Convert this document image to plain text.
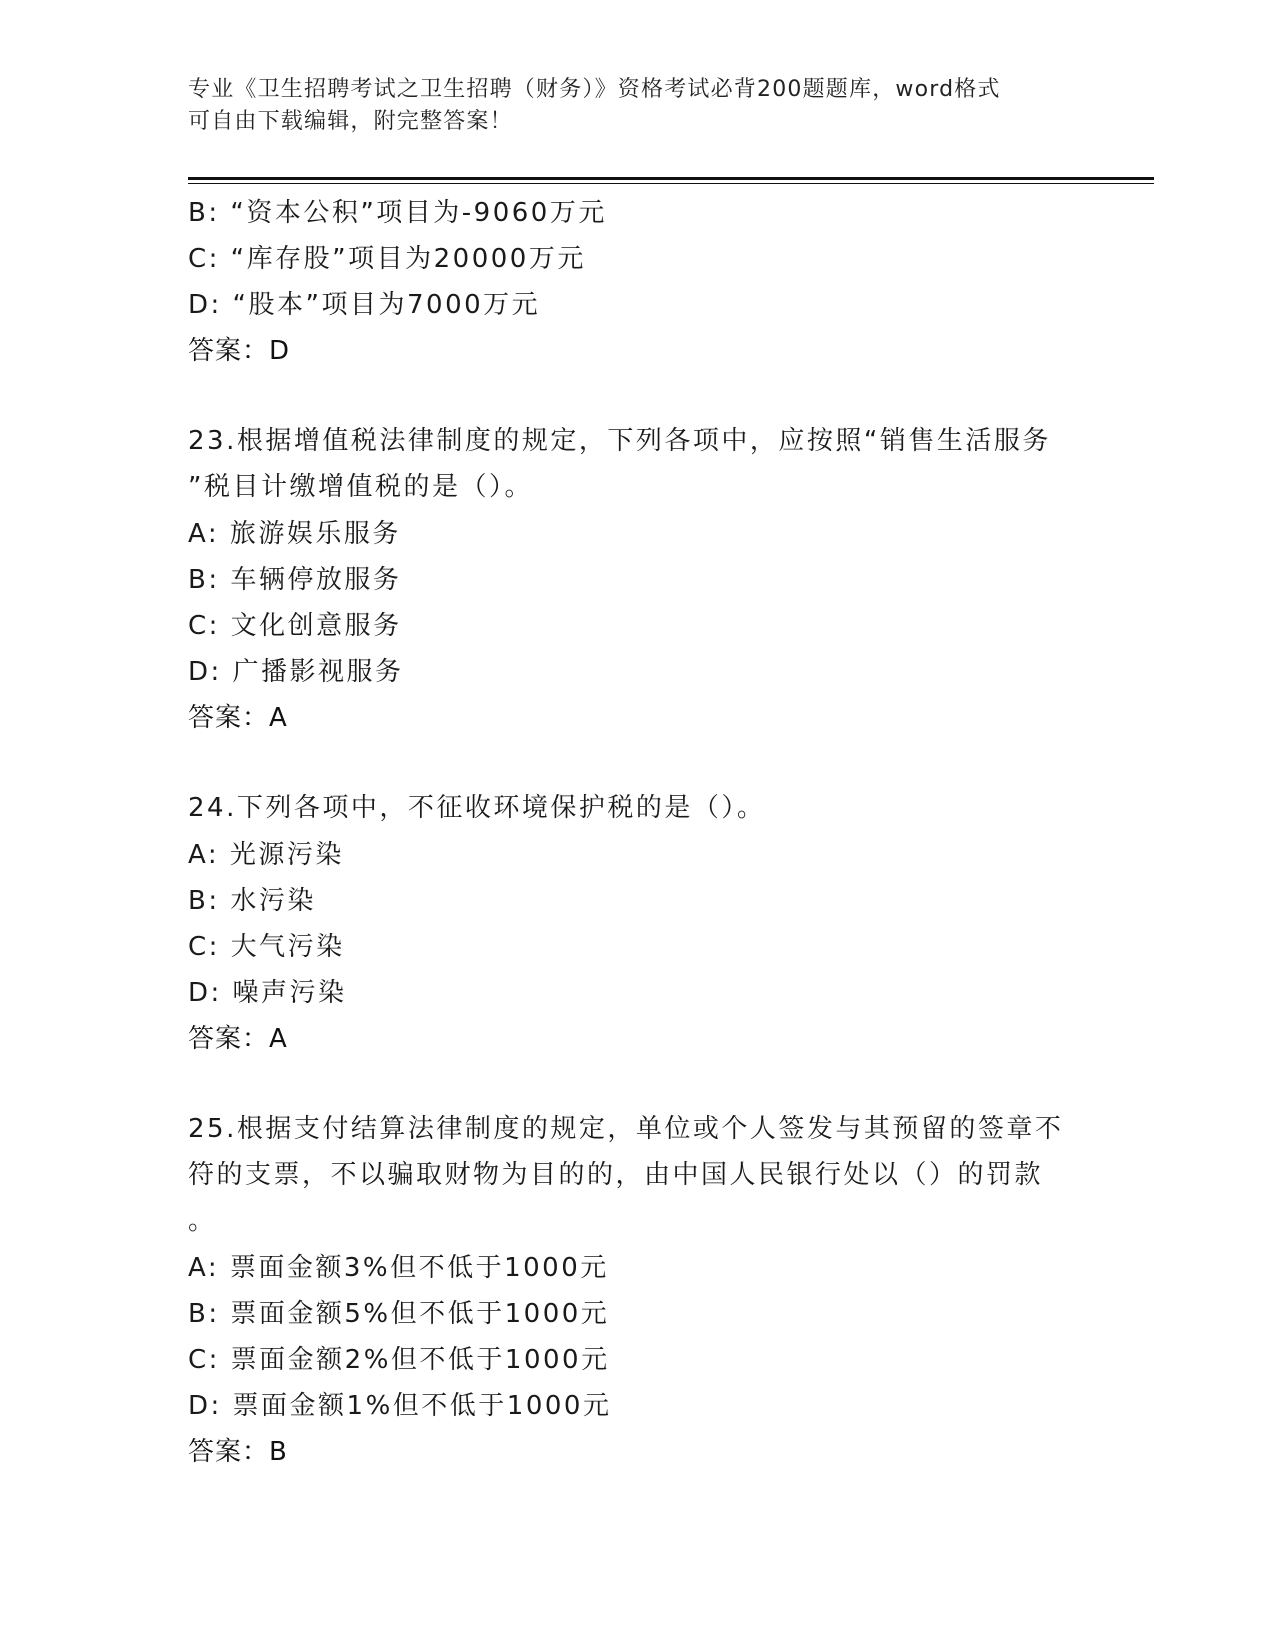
专业《卫生招聘考试之卫生招聘（财务）》资格考试必背200题题库，word格式
可自由下载编辑，附完整答案！
B: “资本公积”项目为-9060万元
C: “库存股”项目为20000万元
D: “股本”项目为7000万元
答案：D
23.根据增值税法律制度的规定，下列各项中，应按照“销售生活服务
”税目计缴增值税的是（）。
A: 旅游娱乐服务
B: 车辆停放服务
C: 文化创意服务
D: 广播影视服务
答案：A
24.下列各项中，不征收环境保护税的是（）。
A: 光源污染
B: 水污染
C: 大气污染
D: 噪声污染
答案：A
25.根据支付结算法律制度的规定，单位或个人签发与其预留的签章不
符的支票，不以骗取财物为目的的，由中国人民银行处以（）的罚款
。
A: 票面金额3%但不低于1000元
B: 票面金额5%但不低于1000元
C: 票面金额2%但不低于1000元
D: 票面金额1%但不低于1000元
答案：B
